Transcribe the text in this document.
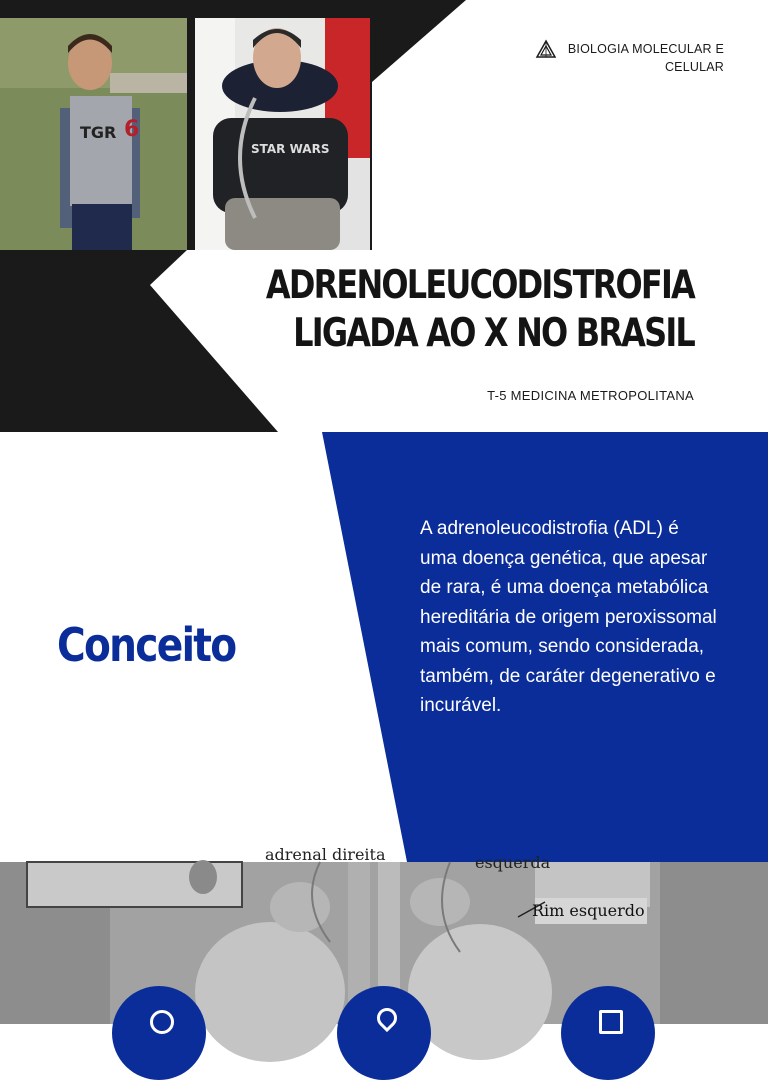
TGR 6
STAR WARS
BIOLOGIA MOLECULAR E CELULAR
ADRENOLEUCODISTROFIA
LIGADA AO X NO BRASIL
T-5 MEDICINA METROPOLITANA
Conceito
A adrenoleucodistrofia (ADL) é uma doença genética, que apesar de rara, é uma doença metabólica hereditária de origem peroxissomal mais comum, sendo considerada, também, de caráter degenerativo e incurável.
adrenal direita	esquerda
Rim esquerdo
